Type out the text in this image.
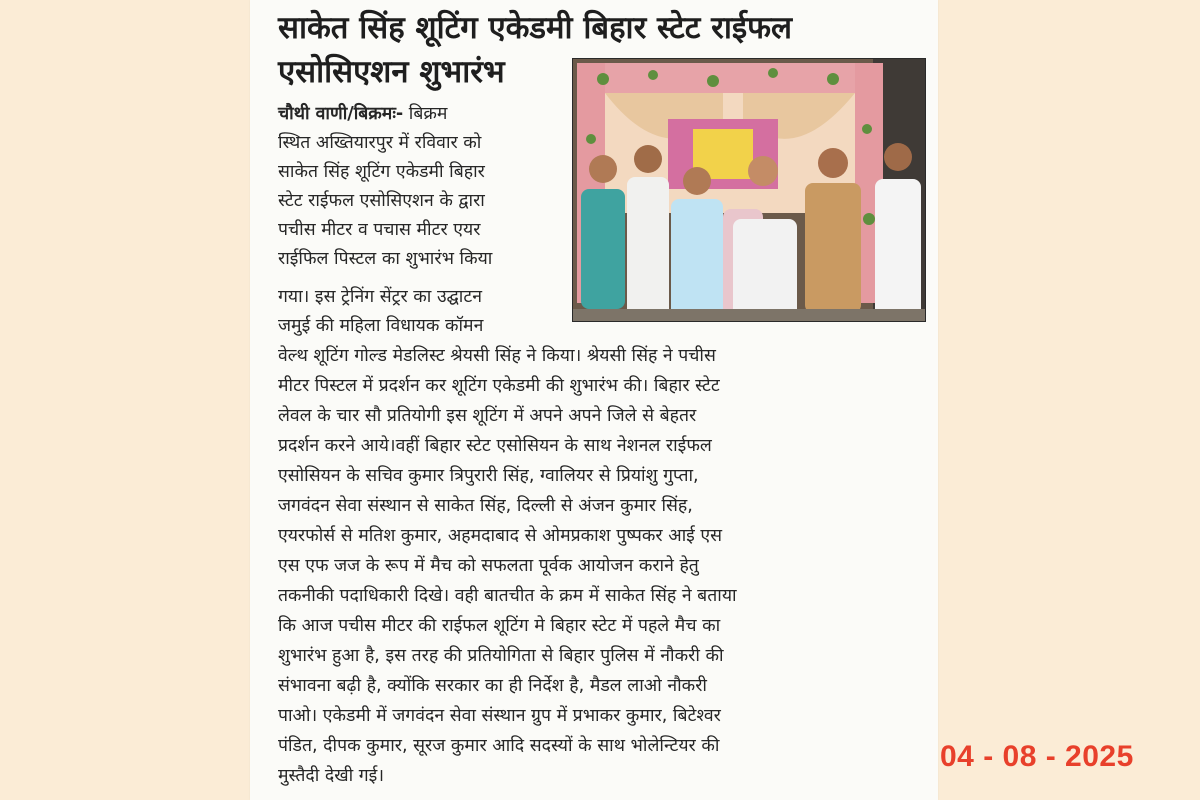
साकेत सिंह शूटिंग एकेडमी बिहार स्टेट राईफल
एसोसिएशन शुभारंभ
चौथी वाणी/बिक्रमः- बिक्रम
स्थित अख्तियारपुर में रविवार को
साकेत सिंह शूटिंग एकेडमी बिहार
स्टेट राईफल एसोसिएशन के द्वारा
पचीस मीटर व पचास मीटर एयर
राईफिल पिस्टल का शुभारंभ किया
गया। इस ट्रेनिंग सेंट्रर का उद्घाटन
जमुई की महिला विधायक कॉमन
वेल्थ शूटिंग गोल्ड मेडलिस्ट श्रेयसी सिंह ने किया। श्रेयसी सिंह ने पचीस
मीटर पिस्टल में प्रदर्शन कर शूटिंग एकेडमी की शुभारंभ की। बिहार स्टेट
लेवल के चार सौ प्रतियोगी इस शूटिंग में अपने अपने जिले से बेहतर
प्रदर्शन करने आये।वहीं बिहार स्टेट एसोसियन के साथ नेशनल राईफल
एसोसियन के सचिव कुमार त्रिपुरारी सिंह, ग्वालियर से प्रियांशु गुप्ता,
जगवंदन सेवा संस्थान से साकेत सिंह, दिल्ली से अंजन कुमार सिंह,
एयरफोर्स से मतिश कुमार, अहमदाबाद से ओमप्रकाश पुष्पकर आई एस
एस एफ जज के रूप में मैच को सफलता पूर्वक आयोजन कराने हेतु
तकनीकी पदाधिकारी दिखे। वही बातचीत के क्रम में साकेत सिंह ने बताया
कि आज पचीस मीटर की राईफल शूटिंग मे बिहार स्टेट में पहले मैच का
शुभारंभ हुआ है, इस तरह की प्रतियोगिता से बिहार पुलिस में नौकरी की
संभावना बढ़ी है, क्योंकि सरकार का ही निर्देश है, मैडल लाओ नौकरी
पाओ। एकेडमी में जगवंदन सेवा संस्थान ग्रुप में प्रभाकर कुमार, बिटेश्वर
पंडित, दीपक कुमार, सूरज कुमार आदि सदस्यों के साथ भोलेन्टियर की
मुस्तैदी देखी गई।
04 - 08 - 2025
